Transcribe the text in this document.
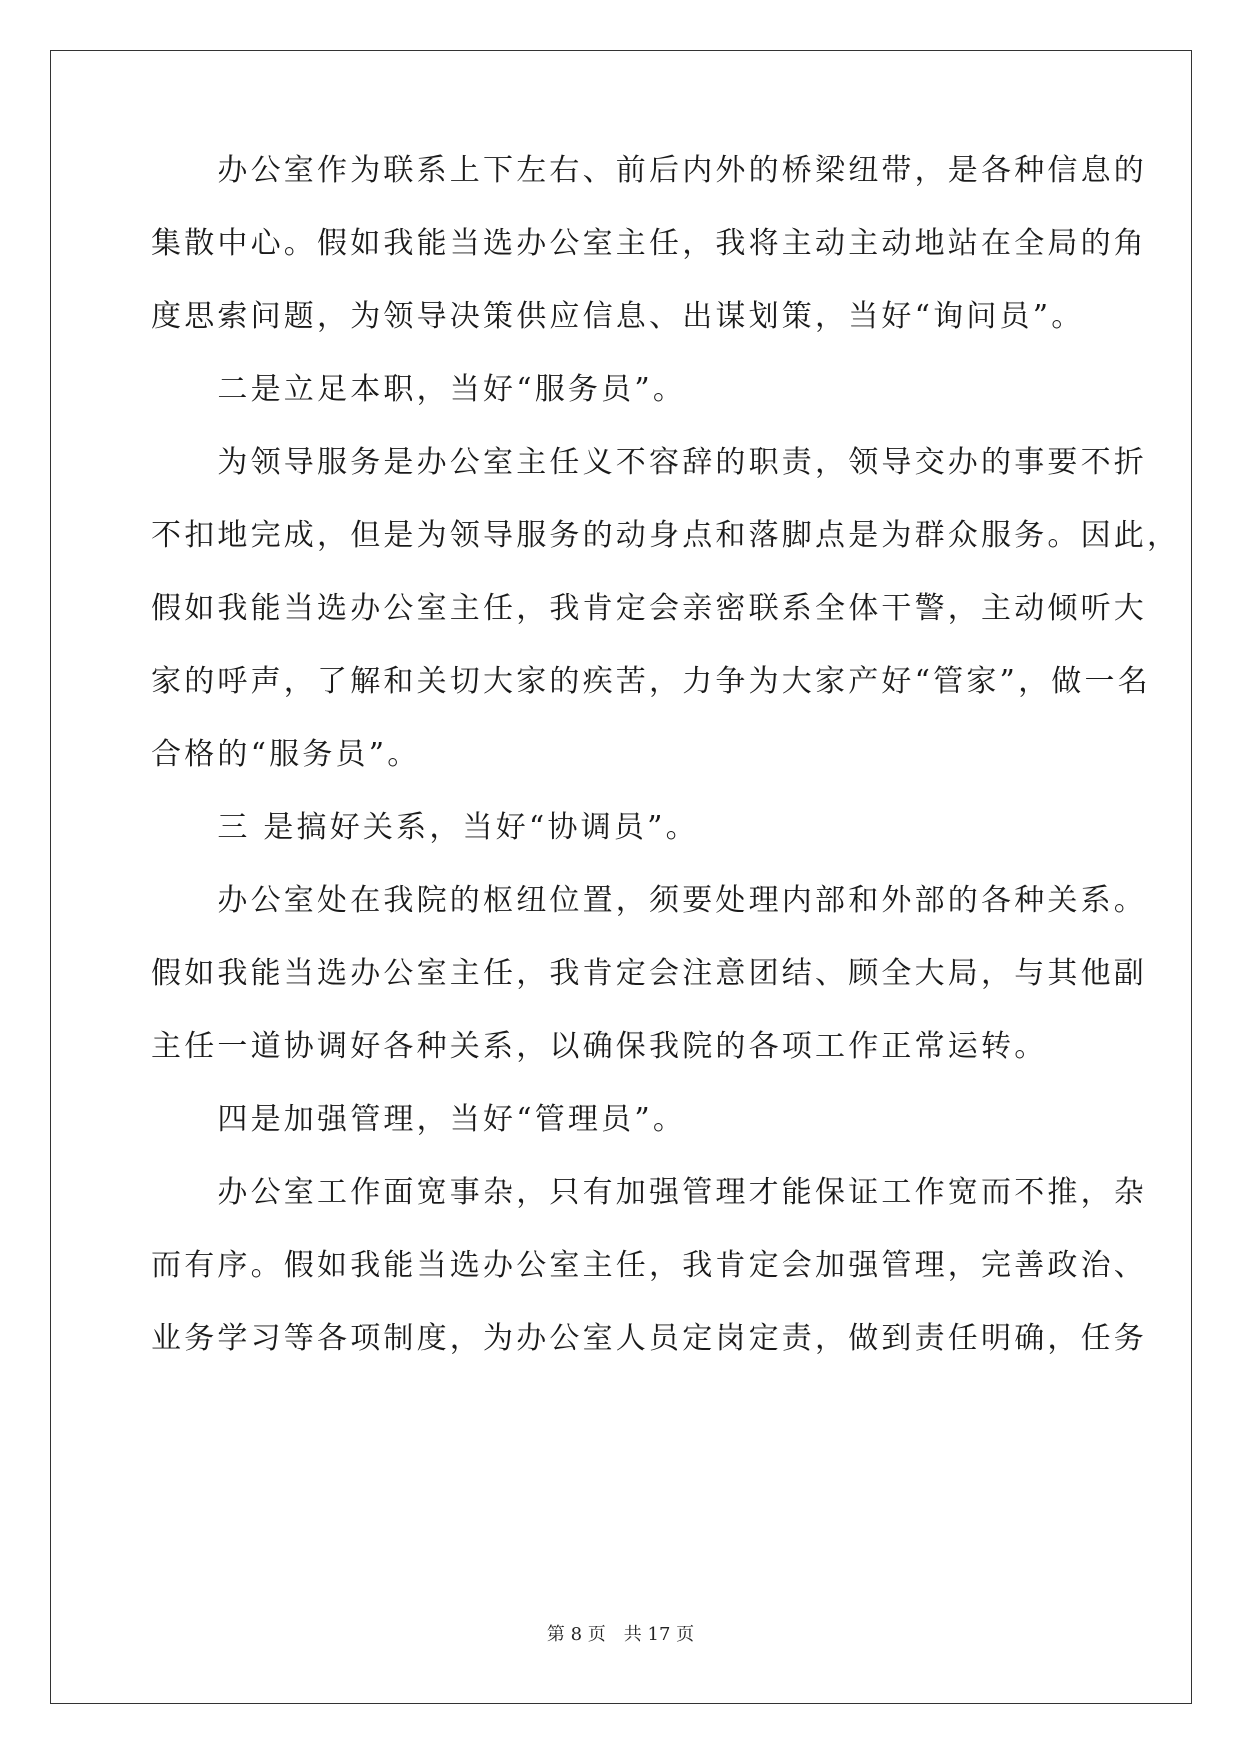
　　办公室作为联系上下左右、前后内外的桥梁纽带，是各种信息的
集散中心。假如我能当选办公室主任，我将主动主动地站在全局的角
度思索问题，为领导决策供应信息、出谋划策，当好“询问员”。
　　二是立足本职，当好“服务员”。
　　为领导服务是办公室主任义不容辞的职责，领导交办的事要不折
不扣地完成，但是为领导服务的动身点和落脚点是为群众服务。因此，
假如我能当选办公室主任，我肯定会亲密联系全体干警，主动倾听大
家的呼声，了解和关切大家的疾苦，力争为大家产好“管家”，做一名
合格的“服务员”。
　　三 是搞好关系，当好“协调员”。
　　办公室处在我院的枢纽位置，须要处理内部和外部的各种关系。
假如我能当选办公室主任，我肯定会注意团结、顾全大局，与其他副
主任一道协调好各种关系，以确保我院的各项工作正常运转。
　　四是加强管理，当好“管理员”。
　　办公室工作面宽事杂，只有加强管理才能保证工作宽而不推，杂
而有序。假如我能当选办公室主任，我肯定会加强管理，完善政治、
业务学习等各项制度，为办公室人员定岗定责，做到责任明确，任务
第 8 页 共 17 页
